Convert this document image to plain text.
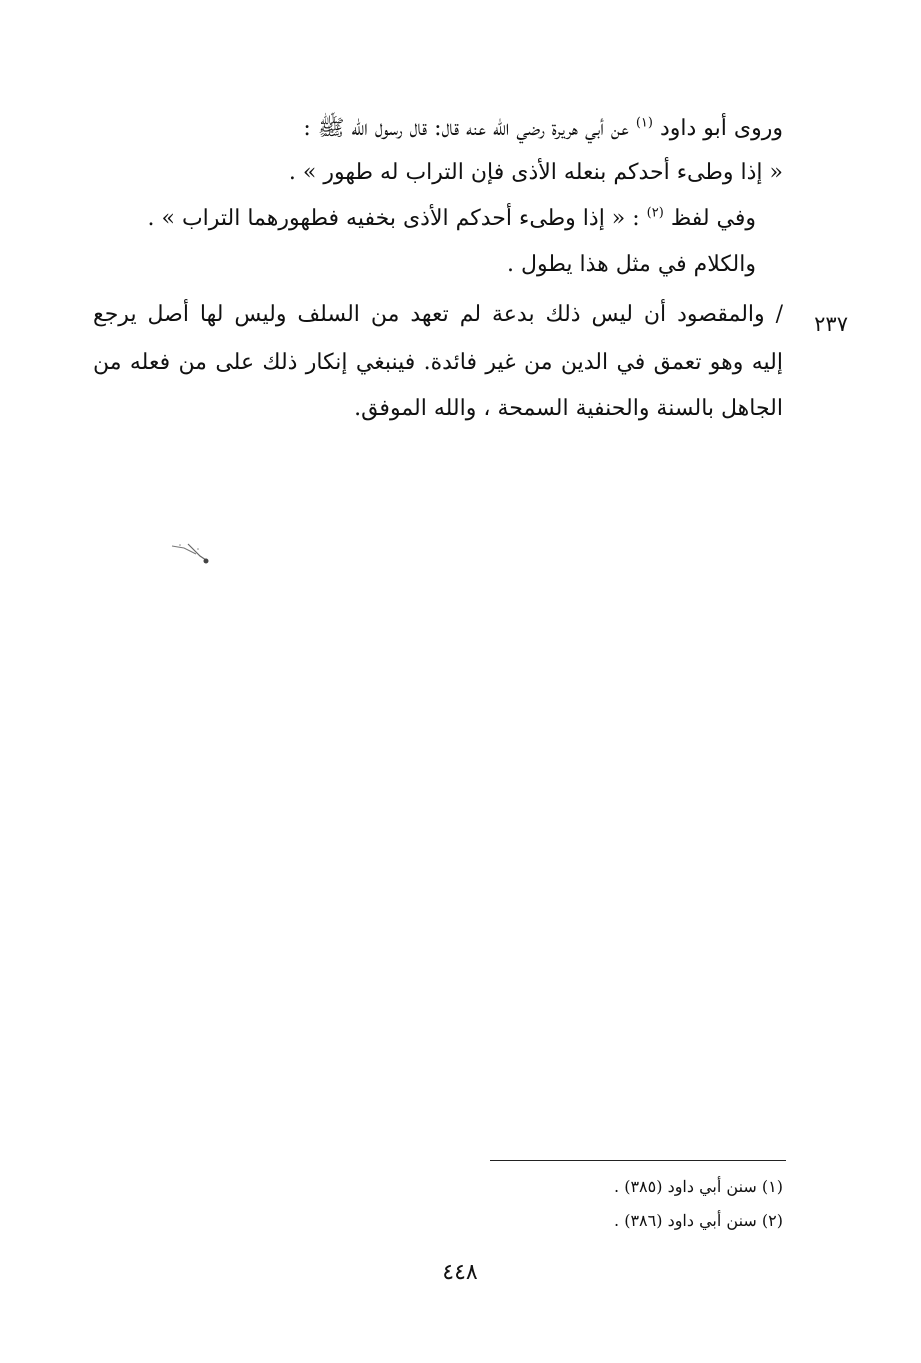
وروى أبو داود $^{(١)}$ عن أبي هريرة رضي الله عنه قال: قال رسول الله ﷺ :
« إذا وطىء أحدكم بنعله الأذى فإن التراب له طهور » .
وفي لفظ $^{(٢)}$ : « إذا وطىء أحدكم الأذى بخفيه فطهورهما التراب » .
والكلام في مثل هذا يطول .
٢٣٧
/ والمقصود أن ليس ذلك بدعة لم تعهد من السلف وليس لها أصل يرجع
إليه وهو تعمق في الدين من غير فائدة. فينبغي إنكار ذلك على من فعله من
الجاهل بالسنة والحنفية السمحة ، والله الموفق.
(١) سنن أبي داود (٣٨٥) .
(٢) سنن أبي داود (٣٨٦) .
٤٤٨
